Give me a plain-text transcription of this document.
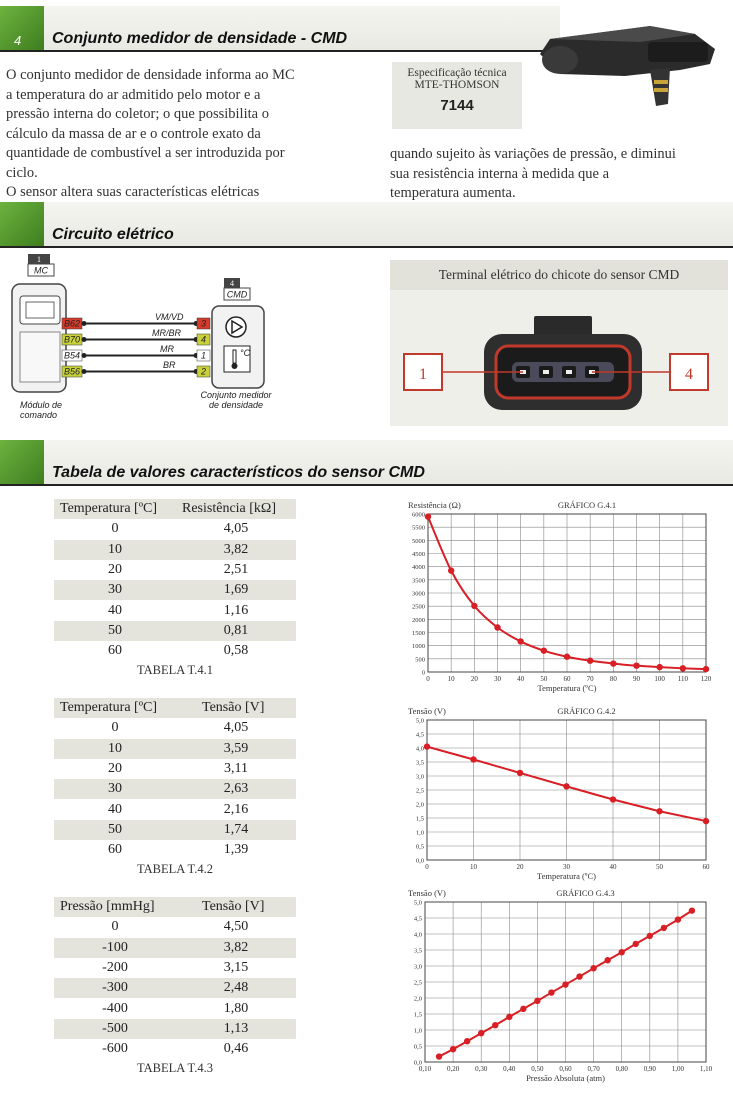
4 Conjunto medidor de densidade - CMD
O conjunto medidor de densidade informa ao MC
a temperatura do ar admitido pelo motor e a
pressão interna do coletor; o que possibilita o
cálculo da massa de ar e o controle exato da
quantidade de combustível a ser introduzida por
ciclo.
O sensor altera suas características elétricas
Especificação técnica
MTE-THOMSON
7144
quando sujeito às variações de pressão, e diminui
sua resistência interna à medida que a
temperatura aumenta.
Circuito elétrico
1
MC
B62
VM/VD
3
B70
MR/BR
4
B54
MR
1
B56
BR
2
4
CMD
°C
Módulo de
comando
Conjunto medidor
de densidade
Terminal elétrico do chicote do sensor CMD
1	4
Tabela de valores característicos do sensor CMD
Temperatura [ºC]	Resistência [kΩ]
0	4,05
10	3,82
20	2,51
30	1,69
40	1,16
50	0,81
60	0,58
TABELA T.4.1
Temperatura [ºC]	Tensão [V]
0	4,05
10	3,59
20	3,11
30	2,63
40	2,16
50	1,74
60	1,39
TABELA T.4.2
Pressão [mmHg]	Tensão [V]
0	4,50
-100	3,82
-200	3,15
-300	2,48
-400	1,80
-500	1,13
-600	0,46
TABELA T.4.3
0	10 20 30 40 50 60 70 80 90 100 110 120
0
500
1000
1500
2000
2500
3000
3500
4000
4500
5000
5500
6000
GRÁFICO G.4.1
Resistência (Ω)
Temperatura (ºC)
0	10	20	30	40	50	60
0,0
0,5
1,0
1,5
2,0
2,5
3,0
3,5
4,0
4,5
5,0
GRÁFICO G.4.2
Tensão (V)
Temperatura (ºC)
0,10 0,20 0,30 0,40 0,50 0,60 0,70 0,80 0,90 1,00 1,10
0,0
0,5
1,0
1,5
2,0
2,5
3,0
3,5
4,0
4,5
5,0
GRÁFICO G.4.3
Tensão (V)
Pressão Absoluta (atm)
